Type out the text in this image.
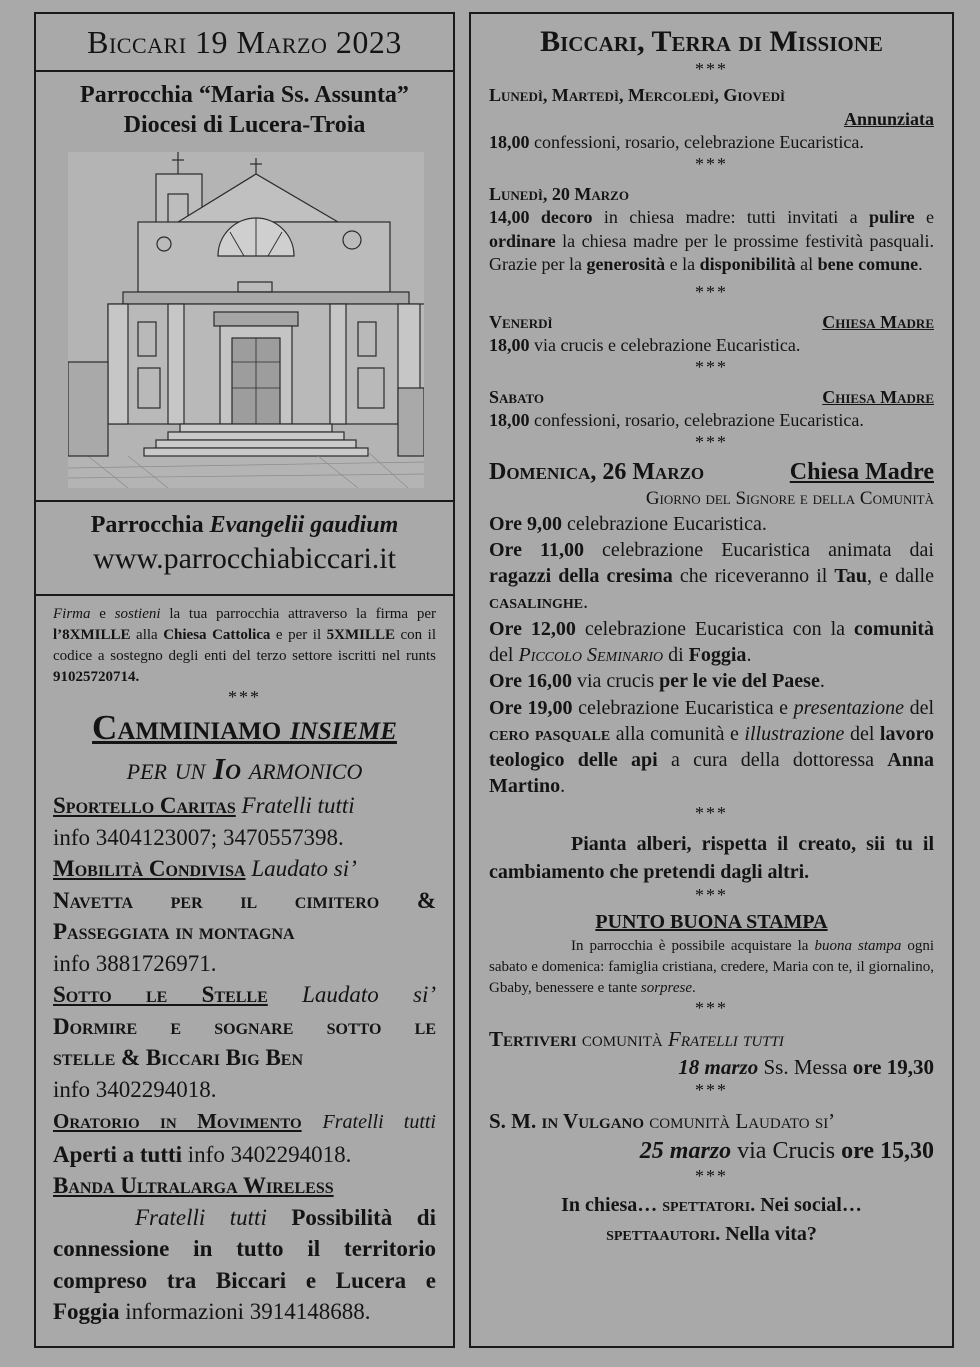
Biccari 19 Marzo 2023
Parrocchia “Maria Ss. Assunta”
Diocesi di Lucera-Troia
Parrocchia Evangelii gaudium
www.parrocchiabiccari.it
Firma e sostieni la tua parrocchia attraverso la firma per l’8XMILLE alla Chiesa Cattolica e per il 5XMILLE con il codice a sostegno degli enti del terzo settore iscritti nel runts 91025720714.
***
Camminiamo insieme
per un Io armonico
Sportello Caritas Fratelli tutti
info 3404123007; 3470557398.
Mobilità Condivisa Laudato si’
Navetta per il cimitero &
Passeggiata in montagna
info 3881726971.
Sotto le Stelle Laudato si’
Dormire e sognare sotto le
stelle & Biccari Big Ben
info 3402294018.
Oratorio in Movimento Fratelli tutti
Aperti a tutti info 3402294018.
Banda Ultralarga Wireless
Fratelli tutti Possibilità di connessione in tutto il territorio compreso tra Biccari e Lucera e Foggia informazioni 3914148688.
Biccari, Terra di Missione
***
Lunedì, Martedì, Mercoledì, Giovedì
Annunziata
18,00 confessioni, rosario, celebrazione Eucaristica.
***
Lunedì, 20 Marzo
14,00 decoro in chiesa madre: tutti invitati a pulire e ordinare la chiesa madre per le prossime festività pasquali. Grazie per la generosità e la disponibilità al bene comune.
***
Venerdì	Chiesa Madre
18,00 via crucis e celebrazione Eucaristica.
***
Sabato	Chiesa Madre
18,00 confessioni, rosario, celebrazione Eucaristica.
***
Domenica, 26 Marzo	Chiesa Madre
Giorno del Signore e della Comunità
Ore 9,00 celebrazione Eucaristica.
Ore 11,00 celebrazione Eucaristica animata dai ragazzi della cresima che riceveranno il Tau, e dalle casalinghe.
Ore 12,00 celebrazione Eucaristica con la comunità del Piccolo Seminario di Foggia.
Ore 16,00 via crucis per le vie del Paese.
Ore 19,00 celebrazione Eucaristica e presentazione del cero pasquale alla comunità e illustrazione del lavoro teologico delle api a cura della dottoressa Anna Martino.
***
Pianta alberi, rispetta il creato, sii tu il cambiamento che pretendi dagli altri.
***
PUNTO BUONA STAMPA
In parrocchia è possibile acquistare la buona stampa ogni sabato e domenica: famiglia cristiana, credere, Maria con te, il giornalino, Gbaby, benessere e tante sorprese.
***
Tertiveri comunità Fratelli tutti
18 marzo Ss. Messa ore 19,30
***
S. M. in Vulgano comunità Laudato si’
25 marzo via Crucis ore 15,30
***
In chiesa… spettatori. Nei social…
spettaautori. Nella vita?
